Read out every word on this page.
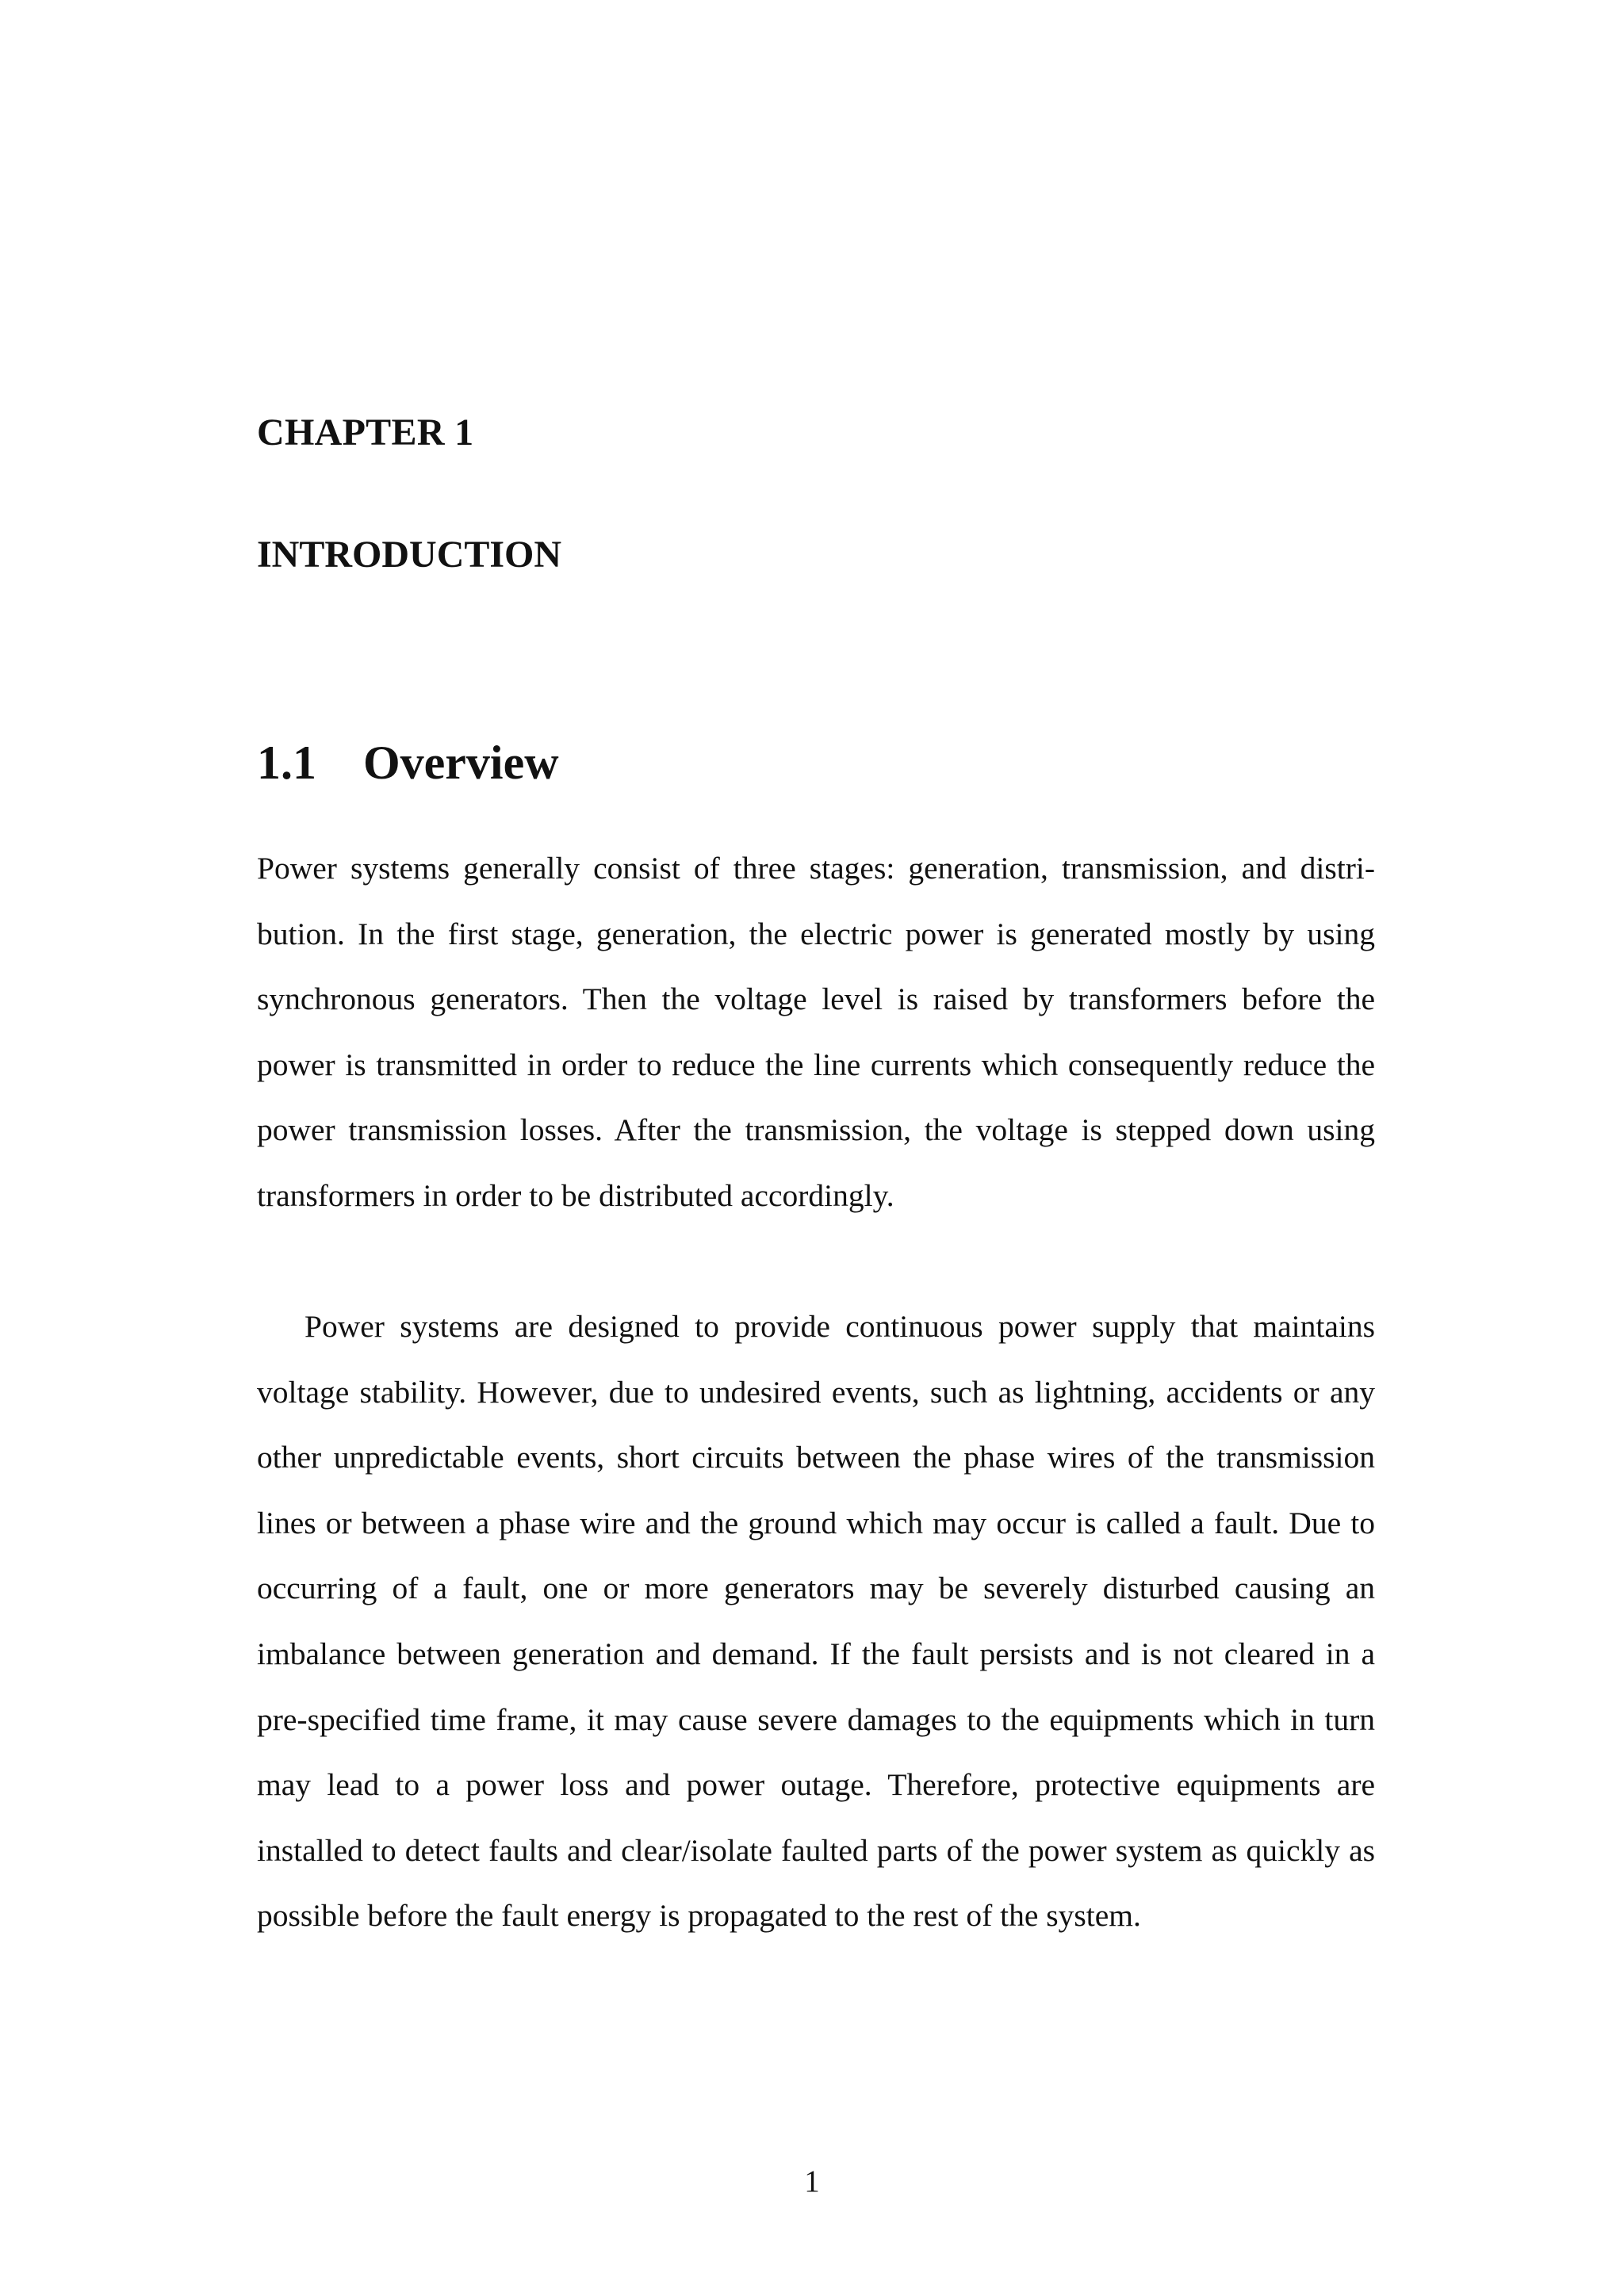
CHAPTER 1
INTRODUCTION
1.1 Overview

Power systems generally consist of three stages: generation, transmission, and distribution. In the first stage, generation, the electric power is generated mostly by using synchronous generators. Then the voltage level is raised by transformers before the power is transmitted in order to reduce the line currents which consequently reduce the power transmission losses. After the transmission, the voltage is stepped down using transformers in order to be distributed accordingly.

Power systems are designed to provide continuous power supply that maintains voltage stability. However, due to undesired events, such as lightning, accidents or any other unpredictable events, short circuits between the phase wires of the transmission lines or between a phase wire and the ground which may occur is called a fault. Due to occurring of a fault, one or more generators may be severely disturbed causing an imbalance between generation and demand. If the fault persists and is not cleared in a pre-specified time frame, it may cause severe damages to the equipments which in turn may lead to a power loss and power outage. Therefore, protective equipments are installed to detect faults and clear/isolate faulted parts of the power system as quickly as possible before the fault energy is propagated to the rest of the system.

1
